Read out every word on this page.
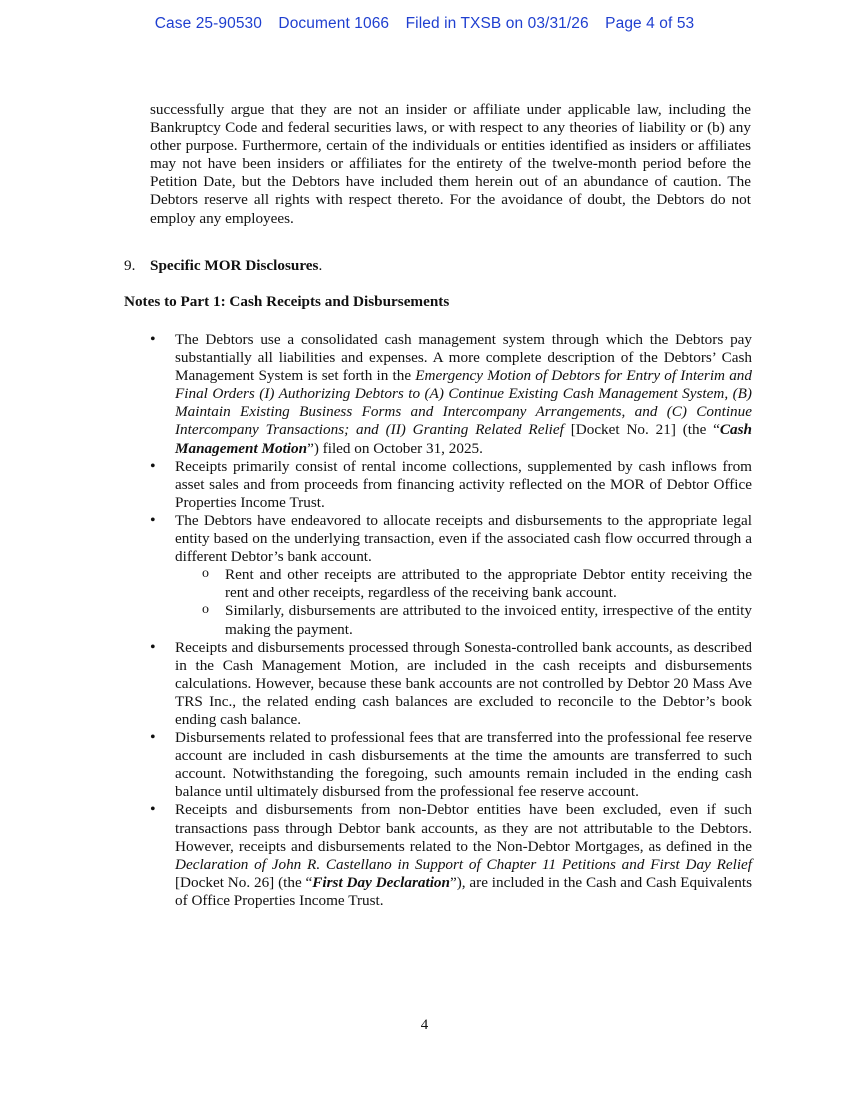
Case 25-90530 Document 1066 Filed in TXSB on 03/31/26 Page 4 of 53

successfully argue that they are not an insider or affiliate under applicable law, including the Bankruptcy Code and federal securities laws, or with respect to any theories of liability or (b) any other purpose. Furthermore, certain of the individuals or entities identified as insiders or affiliates may not have been insiders or affiliates for the entirety of the twelve-month period before the Petition Date, but the Debtors have included them herein out of an abundance of caution. The Debtors reserve all rights with respect thereto. For the avoidance of doubt, the Debtors do not employ any employees.

9. Specific MOR Disclosures.

Notes to Part 1: Cash Receipts and Disbursements

• The Debtors use a consolidated cash management system through which the Debtors pay substantially all liabilities and expenses. A more complete description of the Debtors’ Cash Management System is set forth in the Emergency Motion of Debtors for Entry of Interim and Final Orders (I) Authorizing Debtors to (A) Continue Existing Cash Management System, (B) Maintain Existing Business Forms and Intercompany Arrangements, and (C) Continue Intercompany Transactions; and (II) Granting Related Relief [Docket No. 21] (the “Cash Management Motion”) filed on October 31, 2025.
• Receipts primarily consist of rental income collections, supplemented by cash inflows from asset sales and from proceeds from financing activity reflected on the MOR of Debtor Office Properties Income Trust.
• The Debtors have endeavored to allocate receipts and disbursements to the appropriate legal entity based on the underlying transaction, even if the associated cash flow occurred through a different Debtor’s bank account.
o Rent and other receipts are attributed to the appropriate Debtor entity receiving the rent and other receipts, regardless of the receiving bank account.
o Similarly, disbursements are attributed to the invoiced entity, irrespective of the entity making the payment.
• Receipts and disbursements processed through Sonesta-controlled bank accounts, as described in the Cash Management Motion, are included in the cash receipts and disbursements calculations. However, because these bank accounts are not controlled by Debtor 20 Mass Ave TRS Inc., the related ending cash balances are excluded to reconcile to the Debtor’s book ending cash balance.
• Disbursements related to professional fees that are transferred into the professional fee reserve account are included in cash disbursements at the time the amounts are transferred to such account. Notwithstanding the foregoing, such amounts remain included in the ending cash balance until ultimately disbursed from the professional fee reserve account.
• Receipts and disbursements from non-Debtor entities have been excluded, even if such transactions pass through Debtor bank accounts, as they are not attributable to the Debtors. However, receipts and disbursements related to the Non-Debtor Mortgages, as defined in the Declaration of John R. Castellano in Support of Chapter 11 Petitions and First Day Relief [Docket No. 26] (the “First Day Declaration”), are included in the Cash and Cash Equivalents of Office Properties Income Trust.
4
